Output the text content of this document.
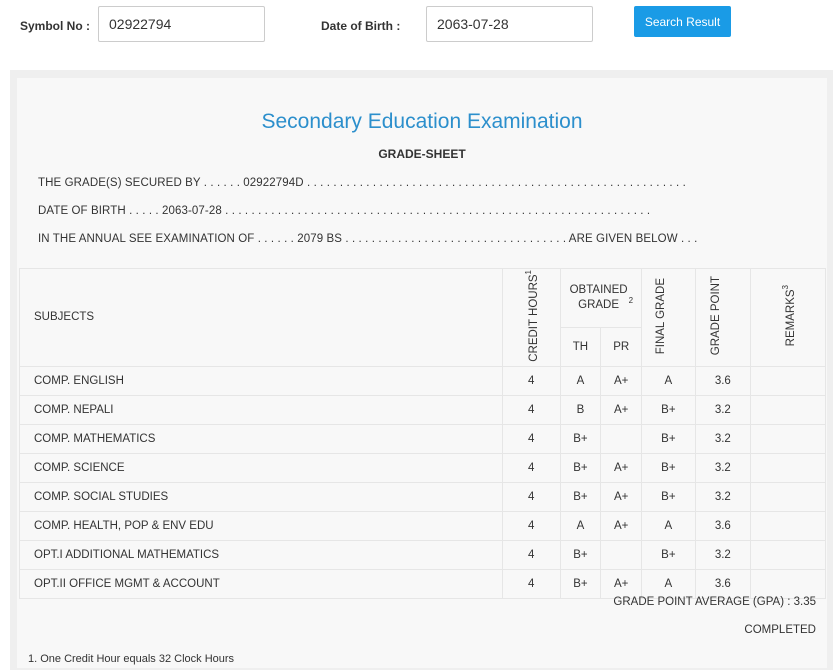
Symbol No :
02922794	Date of Birth :
2063-07-28	Search Result
Secondary Education Examination
GRADE-SHEET
THE GRADE(S) SECURED BY . . . . . . 02922794D . . . . . . . . . . . . . . . . . . . . . . . . . . . . . . . . . . . . . . . . . . . . . . . . . . . . . . . . . .
DATE OF BIRTH . . . . . 2063-07-28 . . . . . . . . . . . . . . . . . . . . . . . . . . . . . . . . . . . . . . . . . . . . . . . . . . . . . . . . . . . . . . . . .
IN THE ANNUAL SEE EXAMINATION OF . . . . . . 2079 BS . . . . . . . . . . . . . . . . . . . . . . . . . . . . . . . . . . ARE GIVEN BELOW . . .
SUBJECTS	CREDIT HOURS$^1$	OBTAINED GRADE $^2$		FINAL GRADE	GRADE POINT	REMARKS$^3$
		TH	PR			
COMP. ENGLISH	4	A	A+	A	3.6	
COMP. NEPALI	4	B	A+	B+	3.2	
COMP. MATHEMATICS	4	B+		B+	3.2	
COMP. SCIENCE	4	B+	A+	B+	3.2	
COMP. SOCIAL STUDIES	4	B+	A+	B+	3.2	
COMP. HEALTH, POP & ENV EDU	4	A	A+	A	3.6	
OPT.I ADDITIONAL MATHEMATICS	4	B+		B+	3.2	
OPT.II OFFICE MGMT & ACCOUNT	4	B+	A+	A	3.6	
GRADE POINT AVERAGE (GPA) : 3.35
COMPLETED
1. One Credit Hour equals 32 Clock Hours
